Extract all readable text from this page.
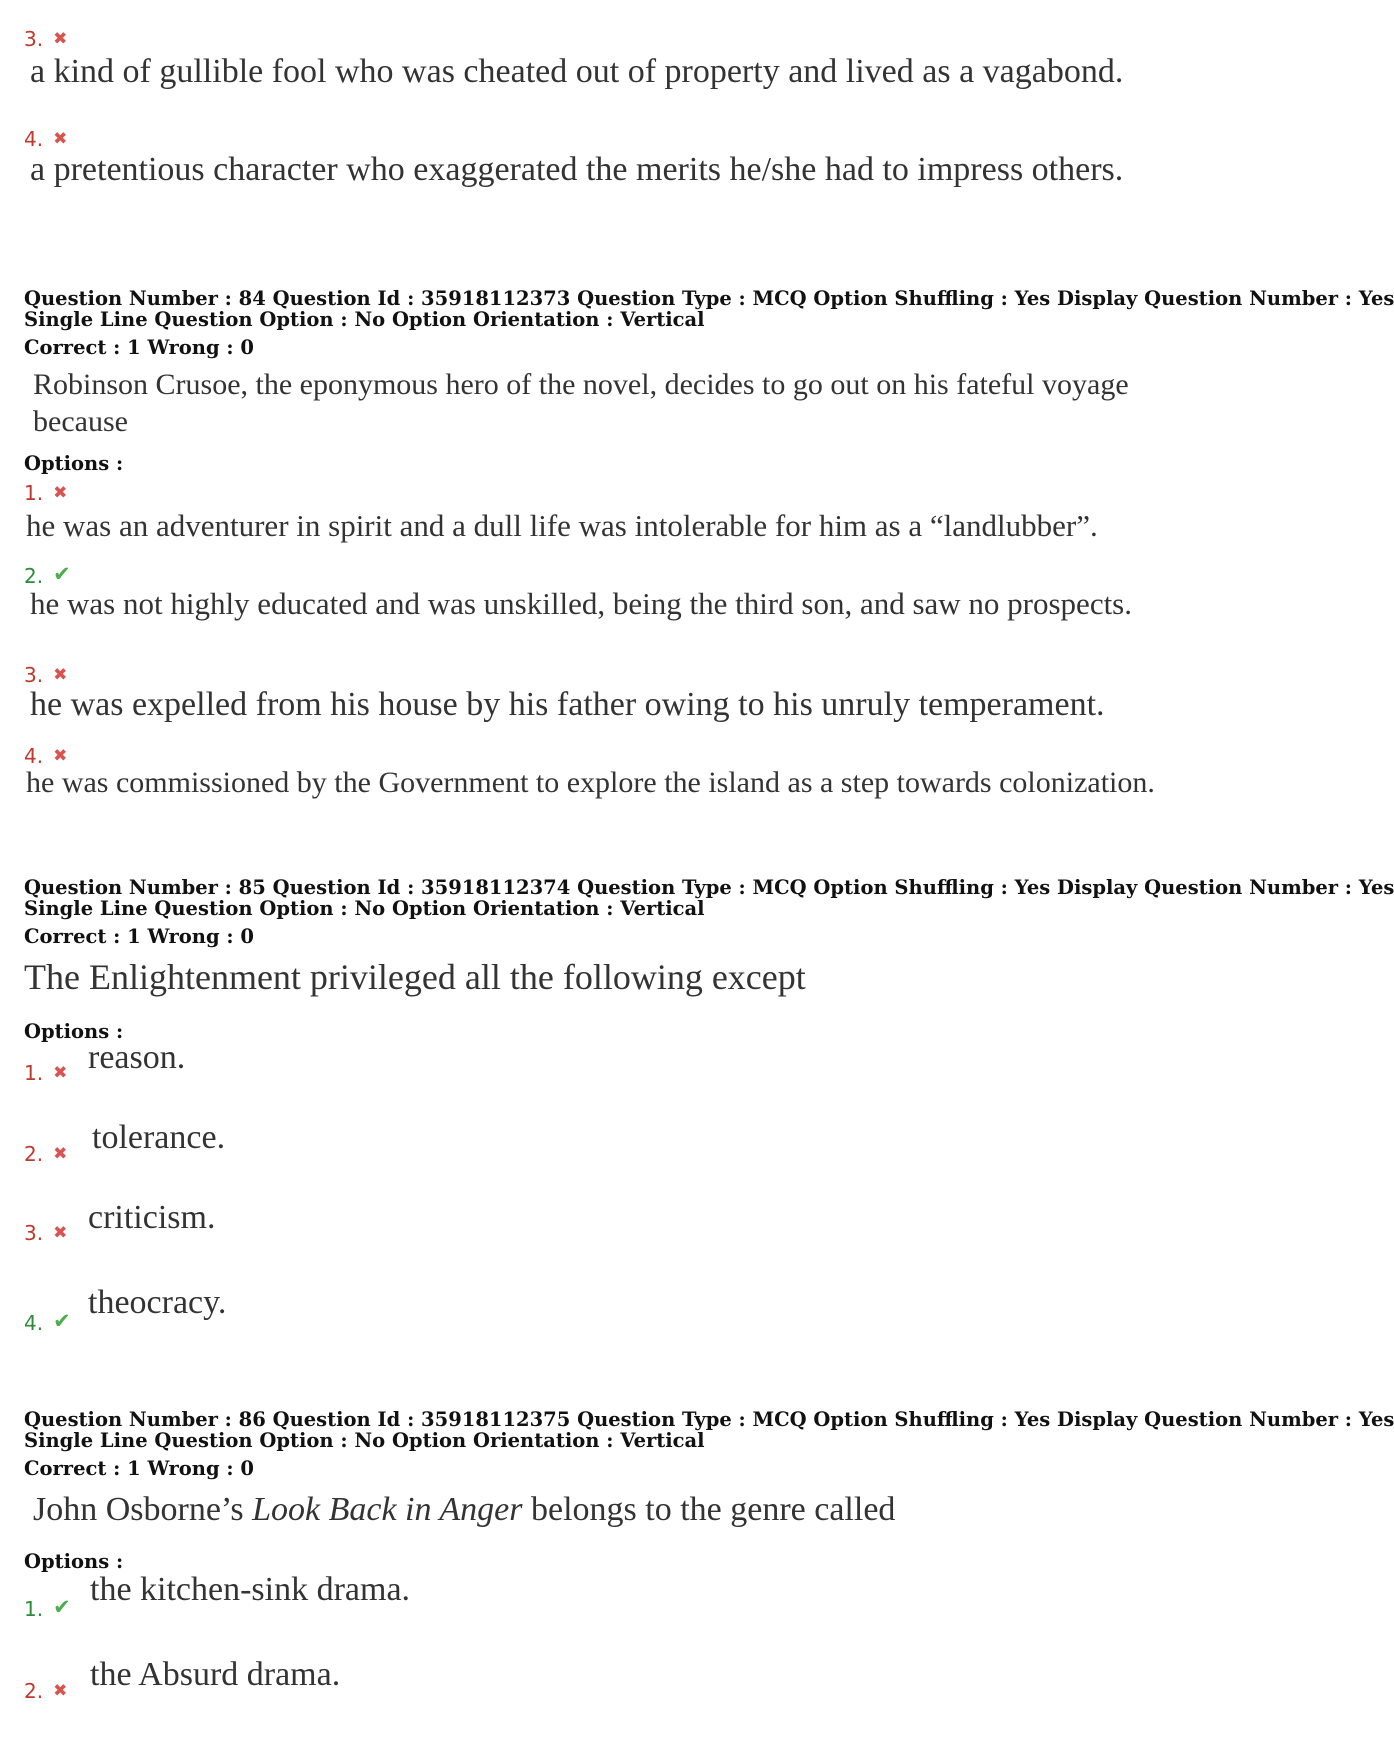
3. ✖
a kind of gullible fool who was cheated out of property and lived as a vagabond.
4. ✖
a pretentious character who exaggerated the merits he/she had to impress others.
Question Number : 84 Question Id : 35918112373 Question Type : MCQ Option Shuffling : Yes Display Question Number : Yes
Single Line Question Option : No Option Orientation : Vertical
Correct : 1 Wrong : 0
Robinson Crusoe, the eponymous hero of the novel, decides to go out on his fateful voyage
because
Options :
1. ✖
he was an adventurer in spirit and a dull life was intolerable for him as a “landlubber”.
2. ✔
he was not highly educated and was unskilled, being the third son, and saw no prospects.
3. ✖
he was expelled from his house by his father owing to his unruly temperament.
4. ✖
he was commissioned by the Government to explore the island as a step towards colonization.
Question Number : 85 Question Id : 35918112374 Question Type : MCQ Option Shuffling : Yes Display Question Number : Yes
Single Line Question Option : No Option Orientation : Vertical
Correct : 1 Wrong : 0
The Enlightenment privileged all the following except
Options :
1. ✖ reason.
2. ✖ tolerance.
3. ✖ criticism.
4. ✔ theocracy.
Question Number : 86 Question Id : 35918112375 Question Type : MCQ Option Shuffling : Yes Display Question Number : Yes
Single Line Question Option : No Option Orientation : Vertical
Correct : 1 Wrong : 0
John Osborne’s Look Back in Anger belongs to the genre called
Options :
1. ✔ the kitchen-sink drama.
2. ✖ the Absurd drama.
